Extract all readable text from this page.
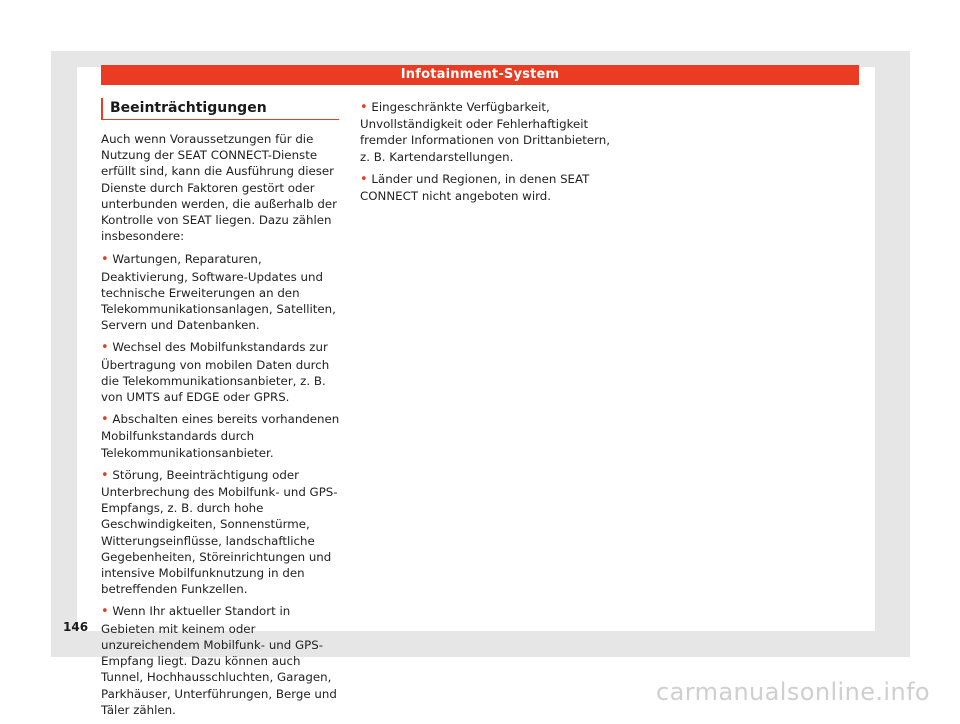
Infotainment-System
Beeinträchtigungen

Auch wenn Voraussetzungen für die Nutzung der SEAT CONNECT-Dienste erfüllt sind, kann die Ausführung dieser Dienste durch Faktoren gestört oder unterbunden werden, die außerhalb der Kontrolle von SEAT liegen. Dazu zählen insbesondere:

• Wartungen, Reparaturen, Deaktivierung, Software-Updates und technische Erweiterungen an den Telekommunikationsanlagen, Satelliten, Servern und Datenbanken.

• Wechsel des Mobilfunkstandards zur Übertragung von mobilen Daten durch die Telekommunikationsanbieter, z. B. von UMTS auf EDGE oder GPRS.

• Abschalten eines bereits vorhandenen Mobilfunkstandards durch Telekommunikationsanbieter.

• Störung, Beeinträchtigung oder Unterbrechung des Mobilfunk- und GPS-Empfangs, z. B. durch hohe Geschwindigkeiten, Sonnenstürme, Witterungseinflüsse, landschaftliche Gegebenheiten, Störeinrichtungen und intensive Mobilfunknutzung in den betreffenden Funkzellen.

• Wenn Ihr aktueller Standort in Gebieten mit keinem oder unzureichendem Mobilfunk- und GPS-Empfang liegt. Dazu können auch Tunnel, Hochhausschluchten, Garagen, Parkhäuser, Unterführungen, Berge und Täler zählen.

• Eingeschränkte Verfügbarkeit, Unvollständigkeit oder Fehlerhaftigkeit fremder Informationen von Drittanbietern, z. B. Kartendarstellungen.

• Länder und Regionen, in denen SEAT CONNECT nicht angeboten wird.

146
carmanualsonline.info
